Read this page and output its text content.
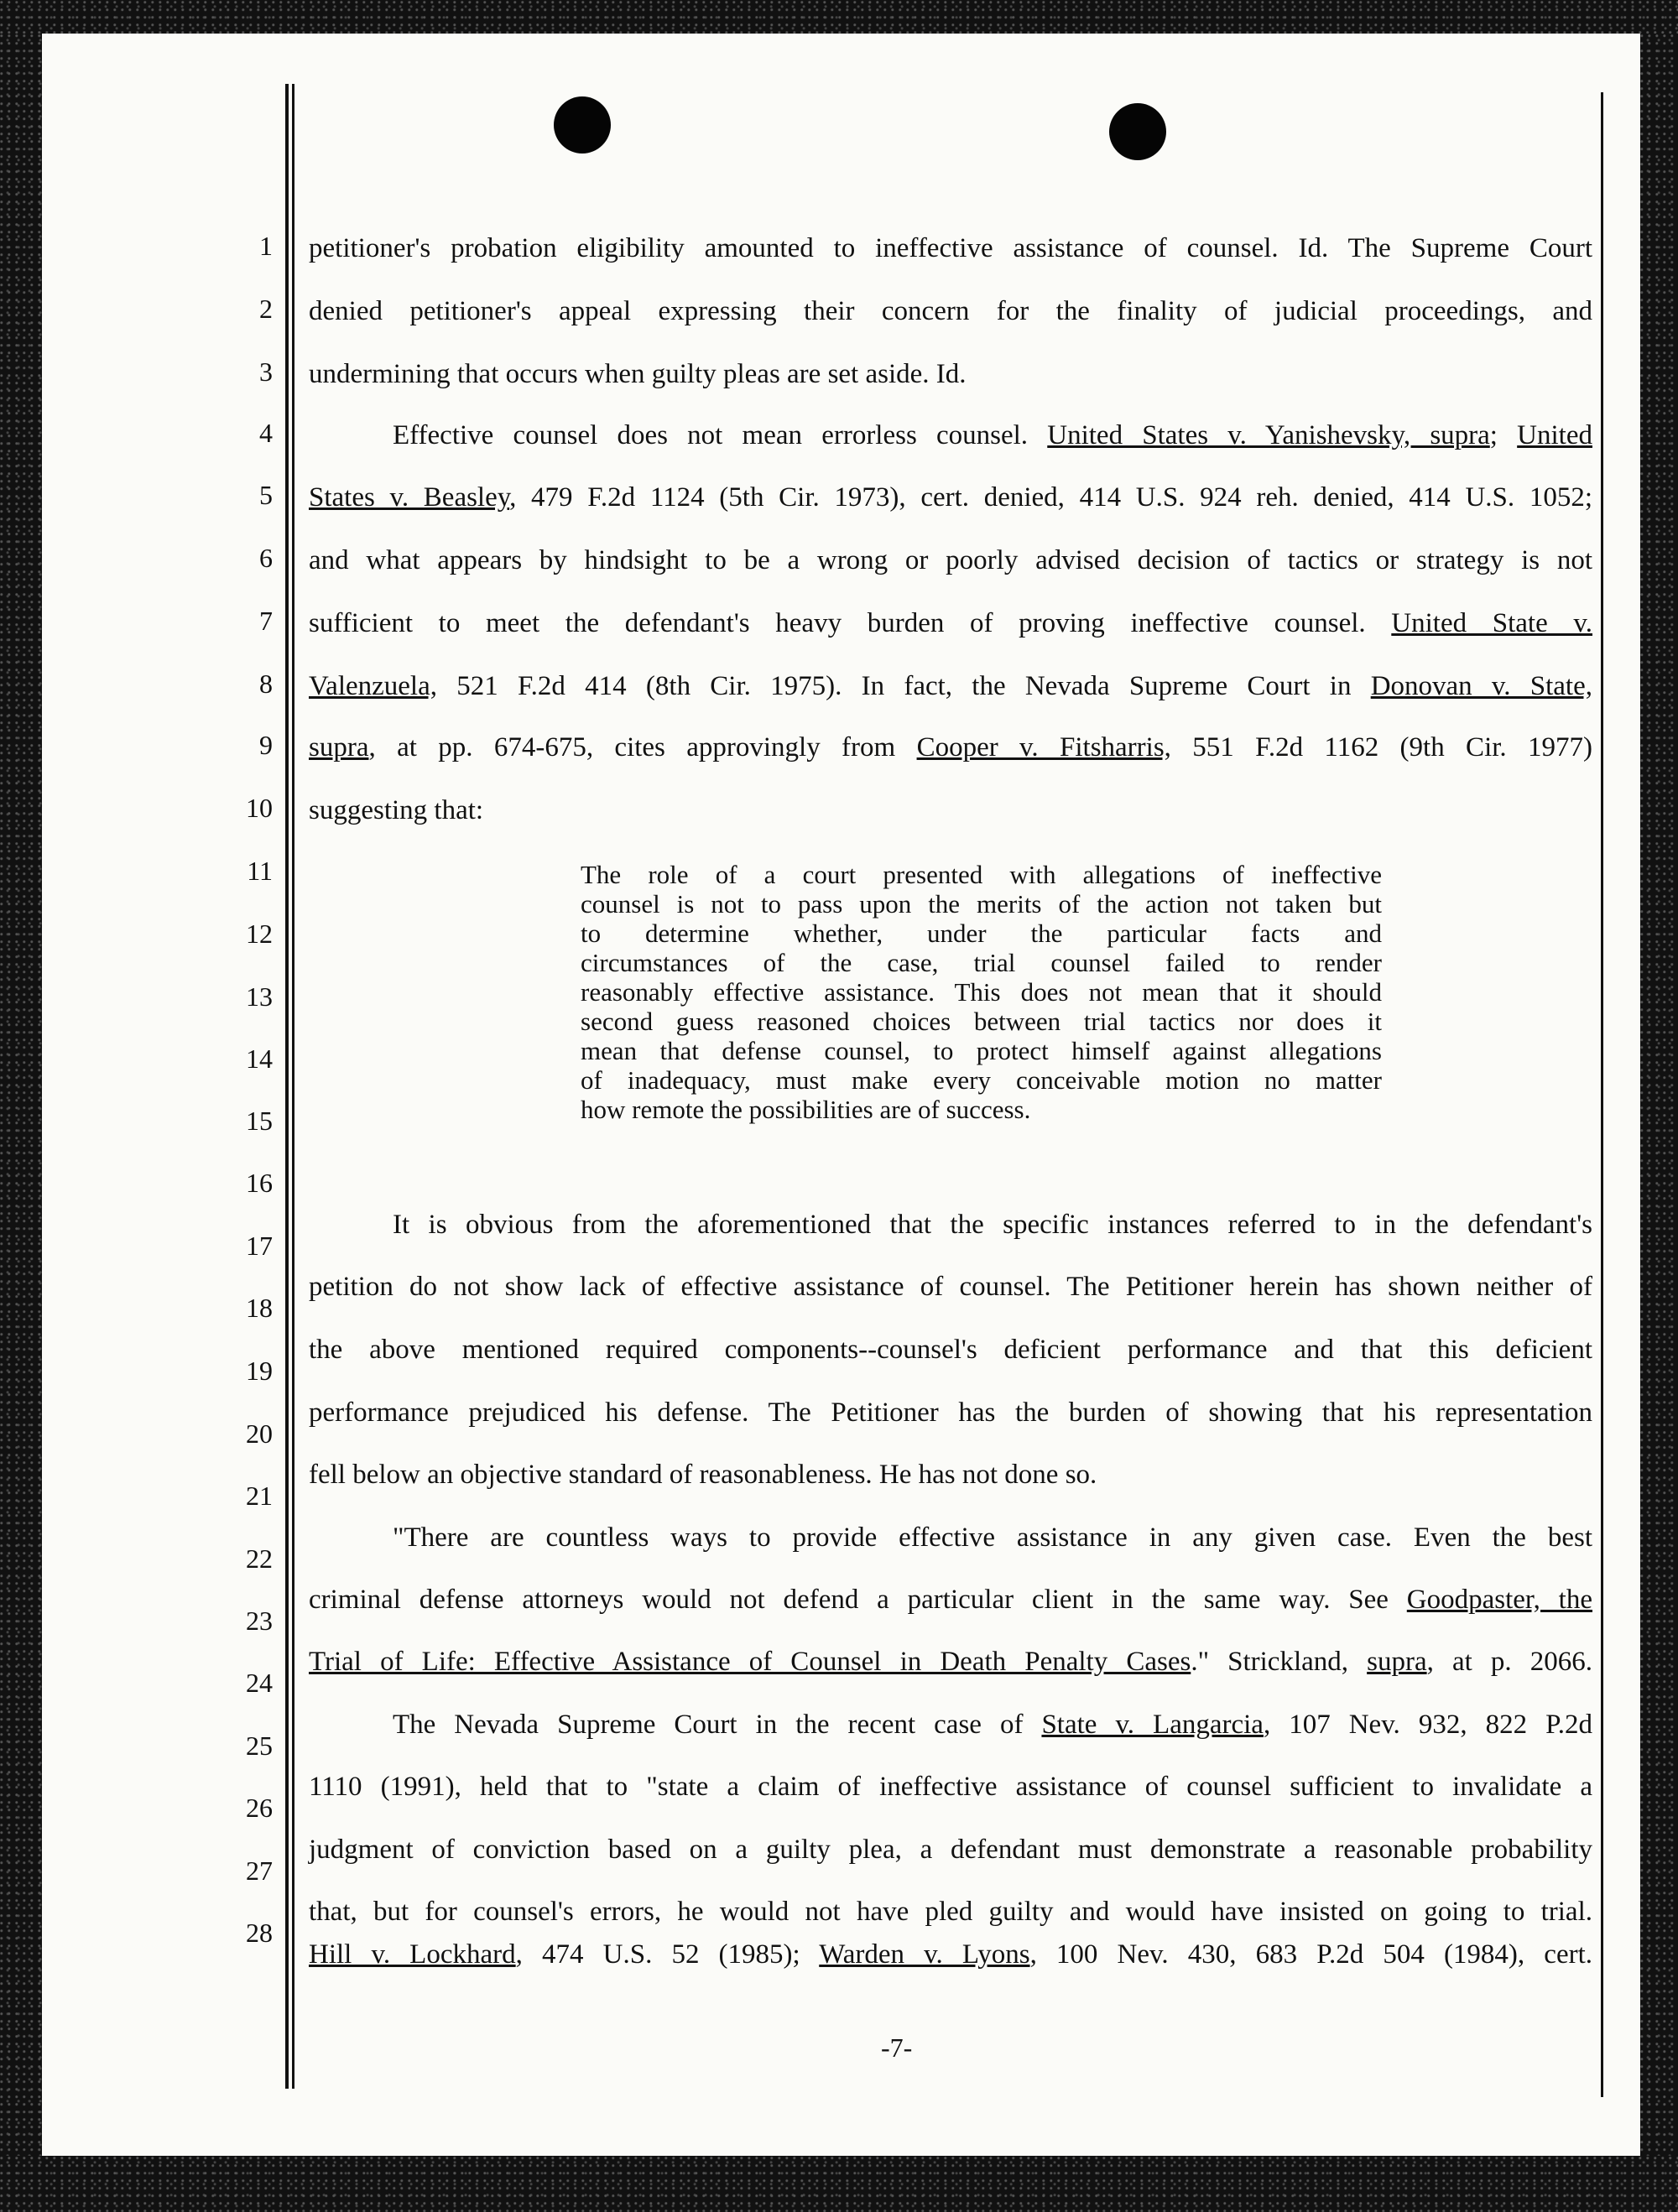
1
2
3
4
5
6
7
8
9
10
11
12
13
14
15
16
17
18
19
20
21
22
23
24
25
26
27
28
petitioner's probation eligibility amounted to ineffective assistance of counsel. Id. The Supreme Court
denied petitioner's appeal expressing their concern for the finality of judicial proceedings, and
undermining that occurs when guilty pleas are set aside. Id.
Effective counsel does not mean errorless counsel. United States v. Yanishevsky, supra; United
States v. Beasley, 479 F.2d 1124 (5th Cir. 1973), cert. denied, 414 U.S. 924 reh. denied, 414 U.S. 1052;
and what appears by hindsight to be a wrong or poorly advised decision of tactics or strategy is not
sufficient to meet the defendant's heavy burden of proving ineffective counsel. United State v.
Valenzuela, 521 F.2d 414 (8th Cir. 1975). In fact, the Nevada Supreme Court in Donovan v. State,
supra, at pp. 674-675, cites approvingly from Cooper v. Fitsharris, 551 F.2d 1162 (9th Cir. 1977)
suggesting that:
The role of a court presented with allegations of ineffective
counsel is not to pass upon the merits of the action not taken but
to determine whether, under the particular facts and
circumstances of the case, trial counsel failed to render
reasonably effective assistance. This does not mean that it should
second guess reasoned choices between trial tactics nor does it
mean that defense counsel, to protect himself against allegations
of inadequacy, must make every conceivable motion no matter
how remote the possibilities are of success.
It is obvious from the aforementioned that the specific instances referred to in the defendant's
petition do not show lack of effective assistance of counsel. The Petitioner herein has shown neither of
the above mentioned required components--counsel's deficient performance and that this deficient
performance prejudiced his defense. The Petitioner has the burden of showing that his representation
fell below an objective standard of reasonableness. He has not done so.
"There are countless ways to provide effective assistance in any given case. Even the best
criminal defense attorneys would not defend a particular client in the same way. See Goodpaster, the
Trial of Life: Effective Assistance of Counsel in Death Penalty Cases." Strickland, supra, at p. 2066.
The Nevada Supreme Court in the recent case of State v. Langarcia, 107 Nev. 932, 822 P.2d
1110 (1991), held that to "state a claim of ineffective assistance of counsel sufficient to invalidate a
judgment of conviction based on a guilty plea, a defendant must demonstrate a reasonable probability
that, but for counsel's errors, he would not have pled guilty and would have insisted on going to trial.
Hill v. Lockhard, 474 U.S. 52 (1985); Warden v. Lyons, 100 Nev. 430, 683 P.2d 504 (1984), cert.
-7-
